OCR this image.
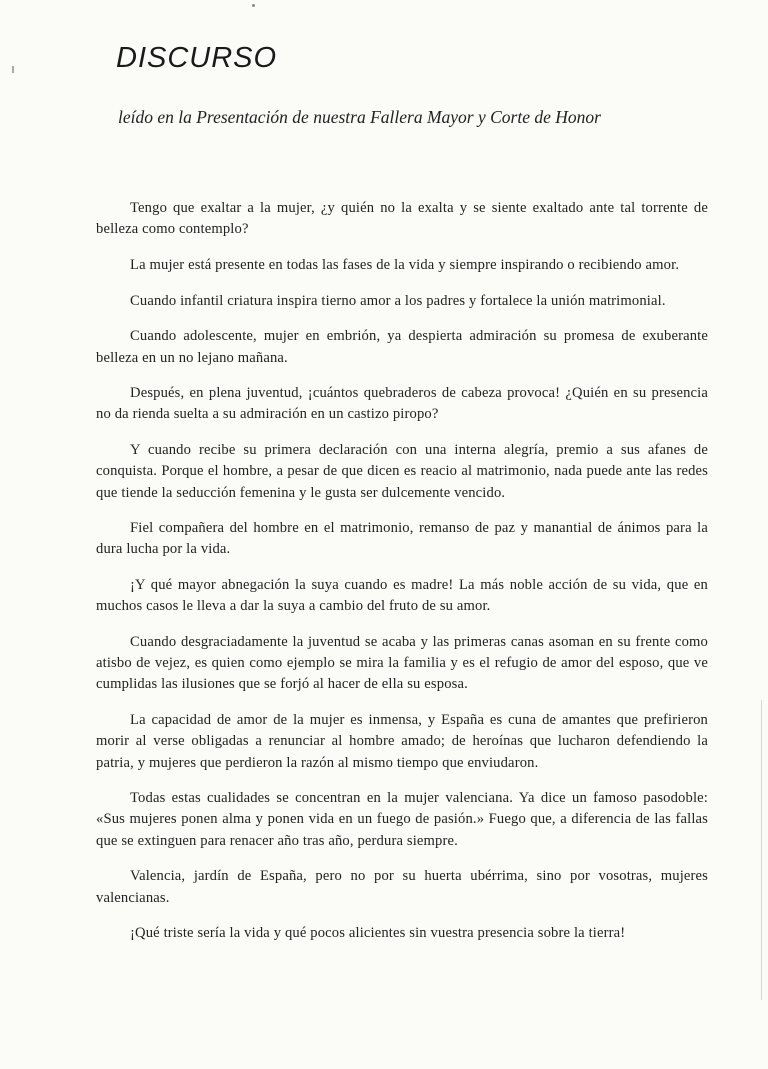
DISCURSO

leído en la Presentación de nuestra Fallera Mayor y Corte de Honor

Tengo que exaltar a la mujer, ¿y quién no la exalta y se siente exaltado ante tal torrente de belleza como contemplo?

La mujer está presente en todas las fases de la vida y siempre inspirando o recibiendo amor.

Cuando infantil criatura inspira tierno amor a los padres y fortalece la unión matrimonial.

Cuando adolescente, mujer en embrión, ya despierta admiración su promesa de exuberante belleza en un no lejano mañana.

Después, en plena juventud, ¡cuántos quebraderos de cabeza provoca! ¿Quién en su presencia no da rienda suelta a su admiración en un castizo piropo?

Y cuando recibe su primera declaración con una interna alegría, premio a sus afanes de conquista. Porque el hombre, a pesar de que dicen es reacio al matrimonio, nada puede ante las redes que tiende la seducción femenina y le gusta ser dulcemente vencido.

Fiel compañera del hombre en el matrimonio, remanso de paz y manantial de ánimos para la dura lucha por la vida.

¡Y qué mayor abnegación la suya cuando es madre! La más noble acción de su vida, que en muchos casos le lleva a dar la suya a cambio del fruto de su amor.

Cuando desgraciadamente la juventud se acaba y las primeras canas asoman en su frente como atisbo de vejez, es quien como ejemplo se mira la familia y es el refugio de amor del esposo, que ve cumplidas las ilusiones que se forjó al hacer de ella su esposa.

La capacidad de amor de la mujer es inmensa, y España es cuna de amantes que prefirieron morir al verse obligadas a renunciar al hombre amado; de heroínas que lucharon defendiendo la patria, y mujeres que perdieron la razón al mismo tiempo que enviudaron.

Todas estas cualidades se concentran en la mujer valenciana. Ya dice un famoso pasodoble: «Sus mujeres ponen alma y ponen vida en un fuego de pasión.» Fuego que, a diferencia de las fallas que se extinguen para renacer año tras año, perdura siempre.

Valencia, jardín de España, pero no por su huerta ubérrima, sino por vosotras, mujeres valencianas.

¡Qué triste sería la vida y qué pocos alicientes sin vuestra presencia sobre la tierra!
